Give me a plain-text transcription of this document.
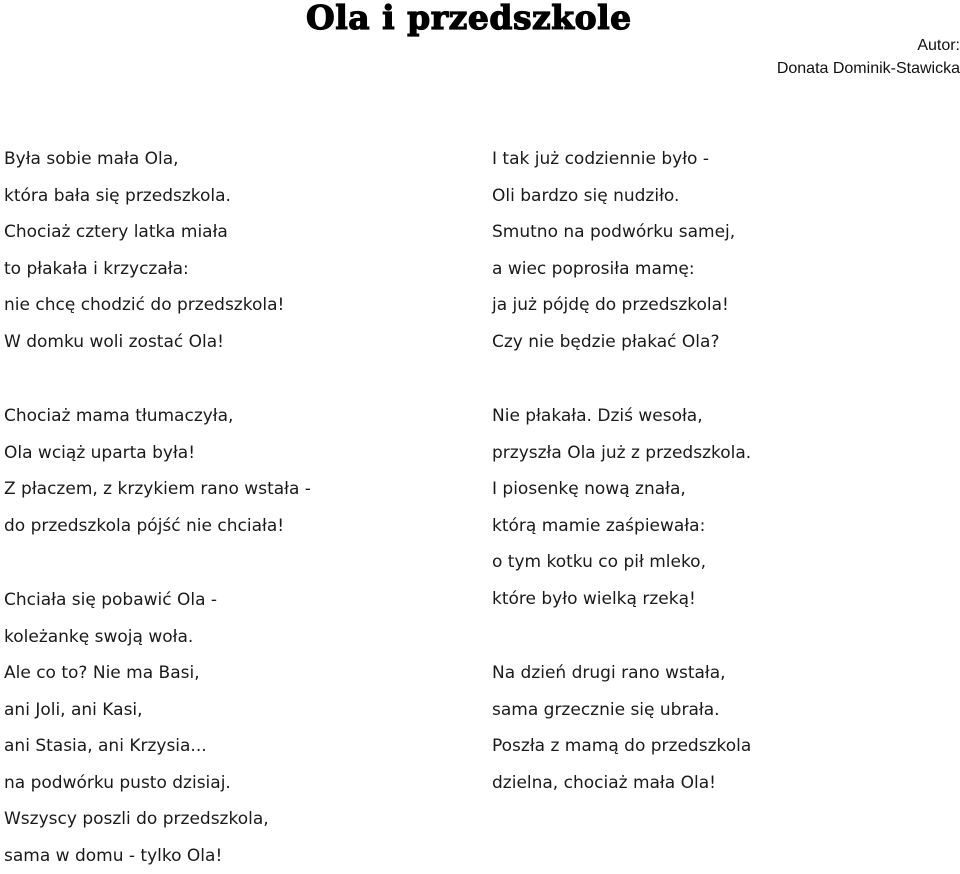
Ola i przedszkole
Autor:
Donata Dominik-Stawicka
Była sobie mała Ola,
która bała się przedszkola.
Chociaż cztery latka miała
to płakała i krzyczała:
nie chcę chodzić do przedszkola!
W domku woli zostać Ola!
Chociaż mama tłumaczyła,
Ola wciąż uparta była!
Z płaczem, z krzykiem rano wstała -
do przedszkola pójść nie chciała!
Chciała się pobawić Ola -
koleżankę swoją woła.
Ale co to? Nie ma Basi,
ani Joli, ani Kasi,
ani Stasia, ani Krzysia...
na podwórku pusto dzisiaj.
Wszyscy poszli do przedszkola,
sama w domu - tylko Ola!
I tak już codziennie było -
Oli bardzo się nudziło.
Smutno na podwórku samej,
a wiec poprosiła mamę:
ja już pójdę do przedszkola!
Czy nie będzie płakać Ola?
Nie płakała. Dziś wesoła,
przyszła Ola już z przedszkola.
I piosenkę nową znała,
którą mamie zaśpiewała:
o tym kotku co pił mleko,
które było wielką rzeką!
Na dzień drugi rano wstała,
sama grzecznie się ubrała.
Poszła z mamą do przedszkola
dzielna, chociaż mała Ola!
